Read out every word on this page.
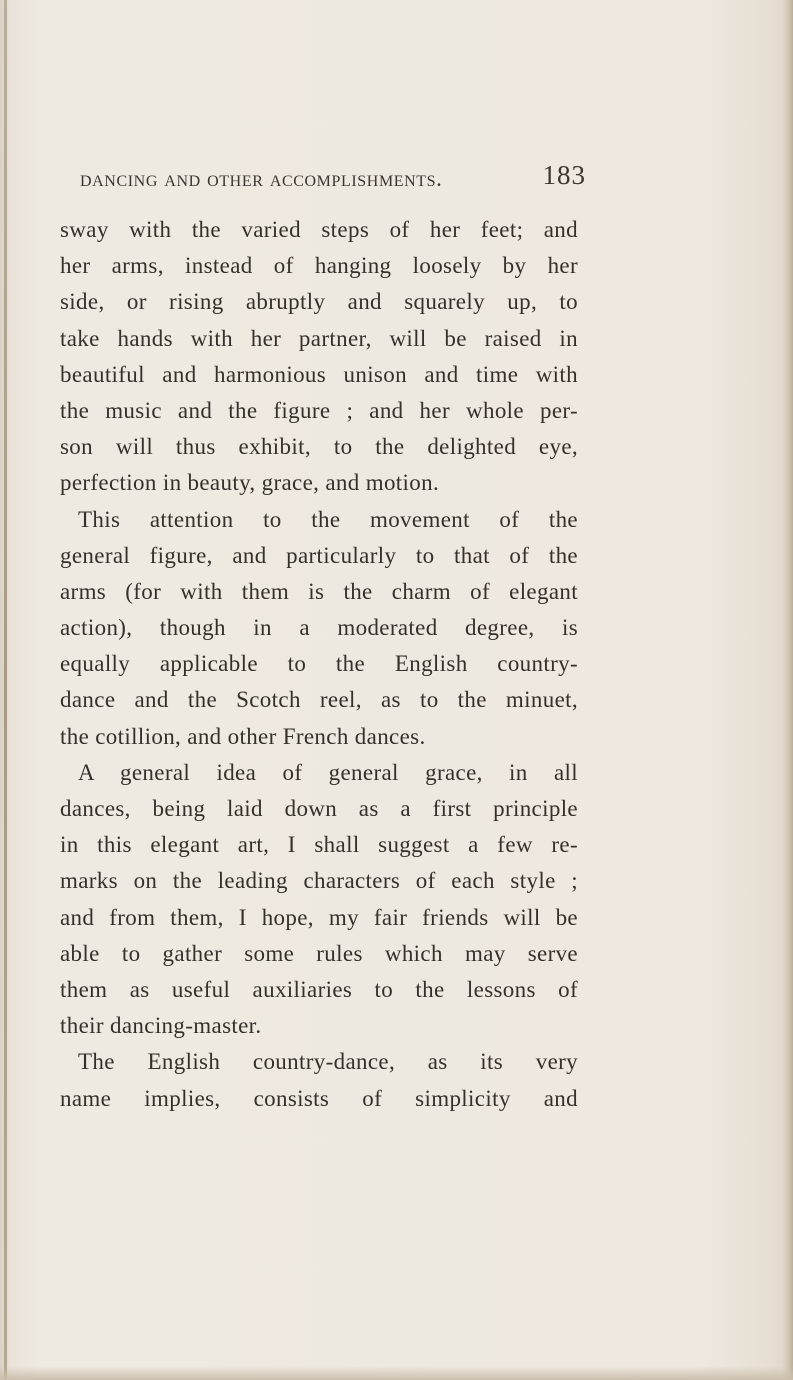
dancing and other accomplishments.	183
sway with the varied steps of her feet; and
her arms, instead of hanging loosely by her
side, or rising abruptly and squarely up, to
take hands with her partner, will be raised in
beautiful and harmonious unison and time with
the music and the figure ; and her whole per-
son will thus exhibit, to the delighted eye,
perfection in beauty, grace, and motion.
This attention to the movement of the
general figure, and particularly to that of the
arms (for with them is the charm of elegant
action), though in a moderated degree, is
equally applicable to the English country-
dance and the Scotch reel, as to the minuet,
the cotillion, and other French dances.
A general idea of general grace, in all
dances, being laid down as a first principle
in this elegant art, I shall suggest a few re-
marks on the leading characters of each style ;
and from them, I hope, my fair friends will be
able to gather some rules which may serve
them as useful auxiliaries to the lessons of
their dancing-master.
The English country-dance, as its very
name implies, consists of simplicity and
